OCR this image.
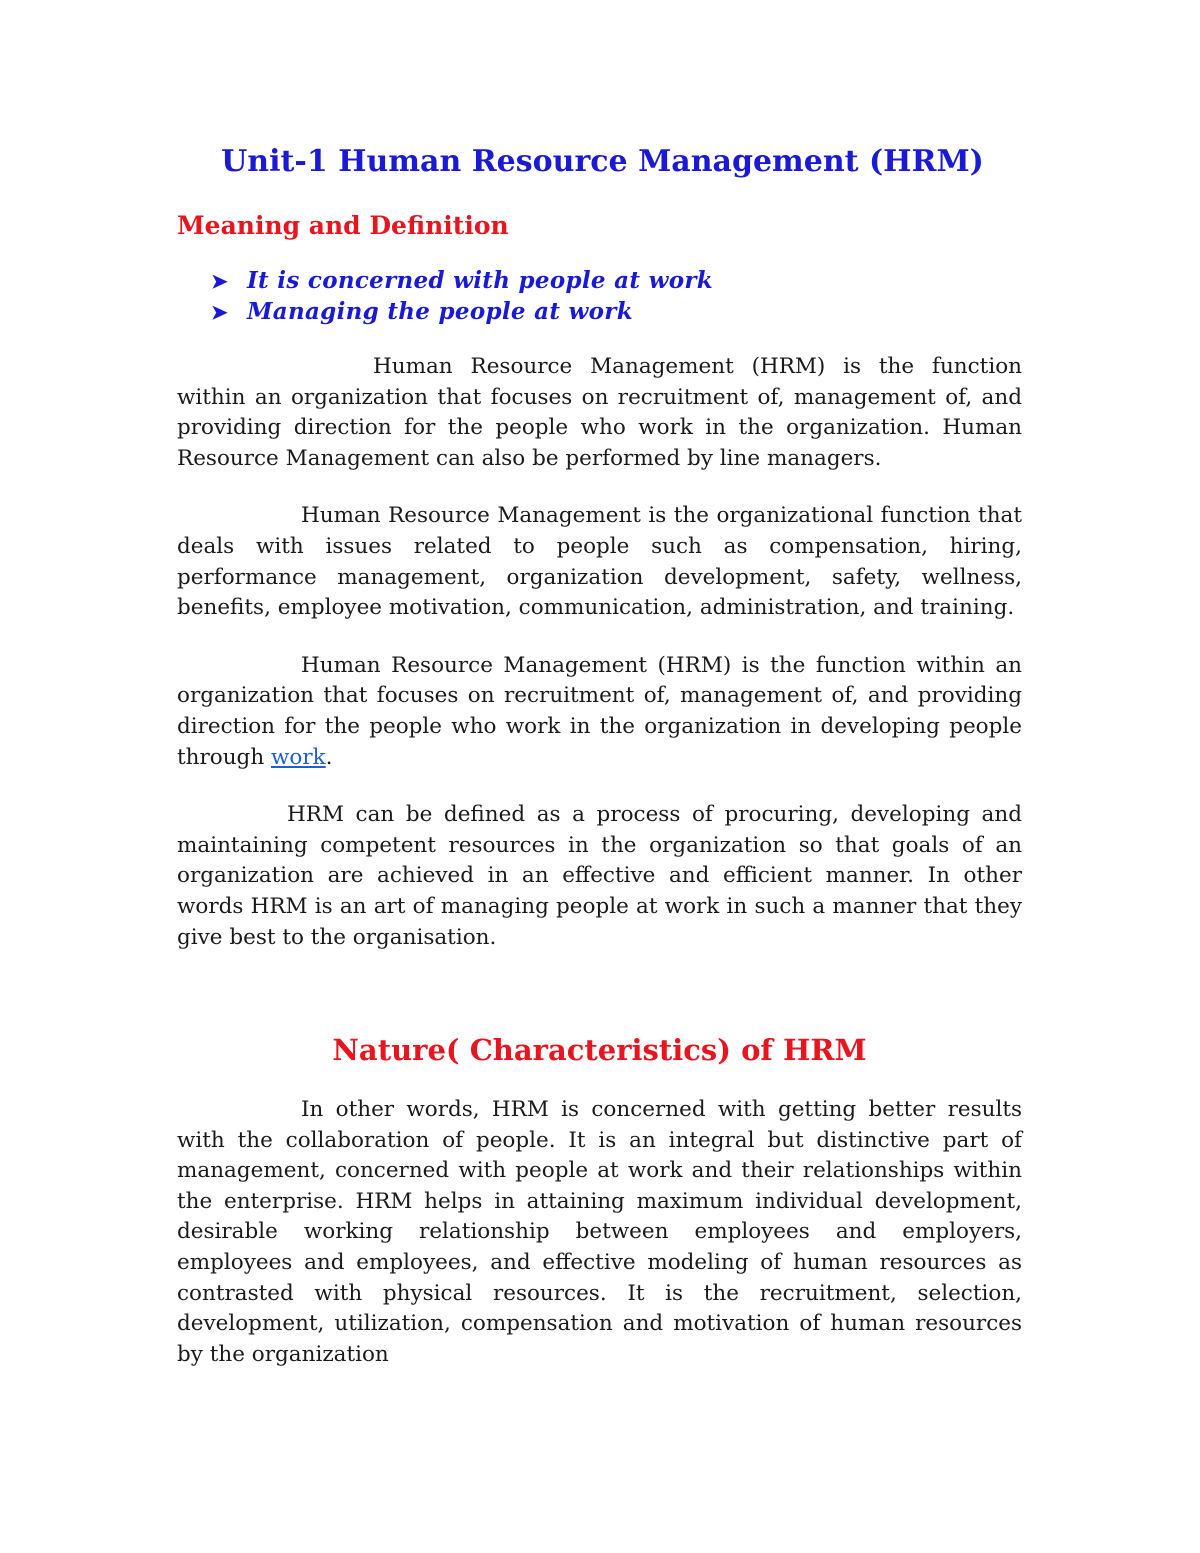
Unit-1 Human Resource Management (HRM)
Meaning and Definition
➤ It is concerned with people at work
➤ Managing the people at work

Human Resource Management (HRM) is the function within an organization that focuses on recruitment of, management of, and providing direction for the people who work in the organization. Human Resource Management can also be performed by line managers.

Human Resource Management is the organizational function that deals with issues related to people such as compensation, hiring, performance management, organization development, safety, wellness, benefits, employee motivation, communication, administration, and training.

Human Resource Management (HRM) is the function within an organization that focuses on recruitment of, management of, and providing direction for the people who work in the organization in developing people through work.

HRM can be defined as a process of procuring, developing and maintaining competent resources in the organization so that goals of an organization are achieved in an effective and efficient manner. In other words HRM is an art of managing people at work in such a manner that they give best to the organisation.

Nature( Characteristics) of HRM

In other words, HRM is concerned with getting better results with the collaboration of people. It is an integral but distinctive part of management, concerned with people at work and their relationships within the enterprise. HRM helps in attaining maximum individual development, desirable working relationship between employees and employers, employees and employees, and effective modeling of human resources as contrasted with physical resources. It is the recruitment, selection, development, utilization, compensation and motivation of human resources by the organization
